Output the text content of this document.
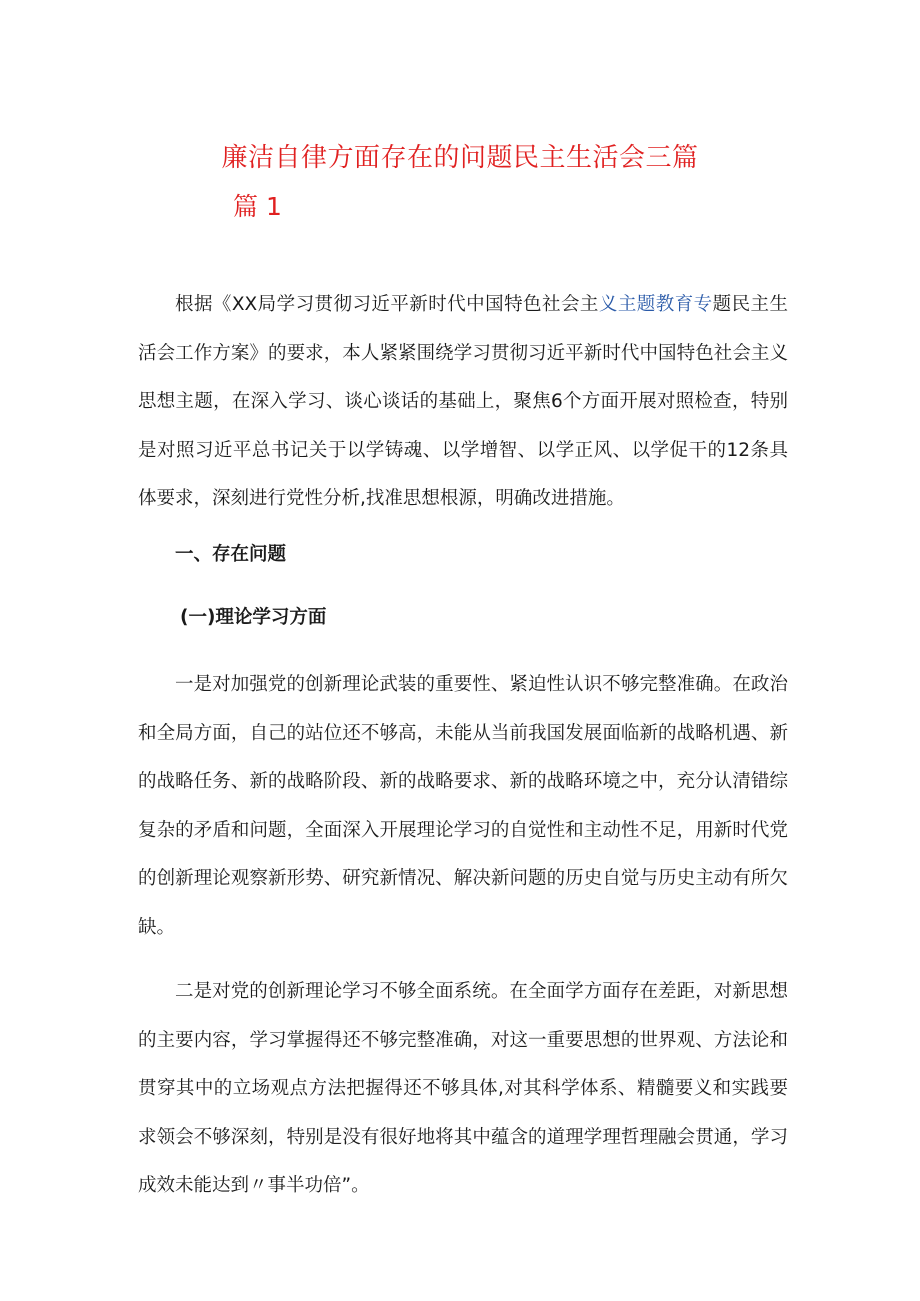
廉洁自律方面存在的问题民主生活会三篇
篇 1

根据《XX局学习贯彻习近平新时代中国特色社会主义主题教育专题民主生活会工作方案》的要求，本人紧紧围绕学习贯彻习近平新时代中国特色社会主义思想主题，在深入学习、谈心谈话的基础上，聚焦6个方面开展对照检查，特别是对照习近平总书记关于以学铸魂、以学增智、以学正风、以学促干的12条具体要求，深刻进行党性分析,找准思想根源，明确改进措施。

一、存在问题
(一)理论学习方面

一是对加强党的创新理论武装的重要性、紧迫性认识不够完整准确。在政治和全局方面，自己的站位还不够高，未能从当前我国发展面临新的战略机遇、新的战略任务、新的战略阶段、新的战略要求、新的战略环境之中，充分认清错综复杂的矛盾和问题，全面深入开展理论学习的自觉性和主动性不足，用新时代党的创新理论观察新形势、研究新情况、解决新问题的历史自觉与历史主动有所欠缺。

二是对党的创新理论学习不够全面系统。在全面学方面存在差距，对新思想的主要内容，学习掌握得还不够完整准确，对这一重要思想的世界观、方法论和贯穿其中的立场观点方法把握得还不够具体,对其科学体系、精髓要义和实践要求领会不够深刻，特别是没有很好地将其中蕴含的道理学理哲理融会贯通，学习成效未能达到〃事半功倍”。
